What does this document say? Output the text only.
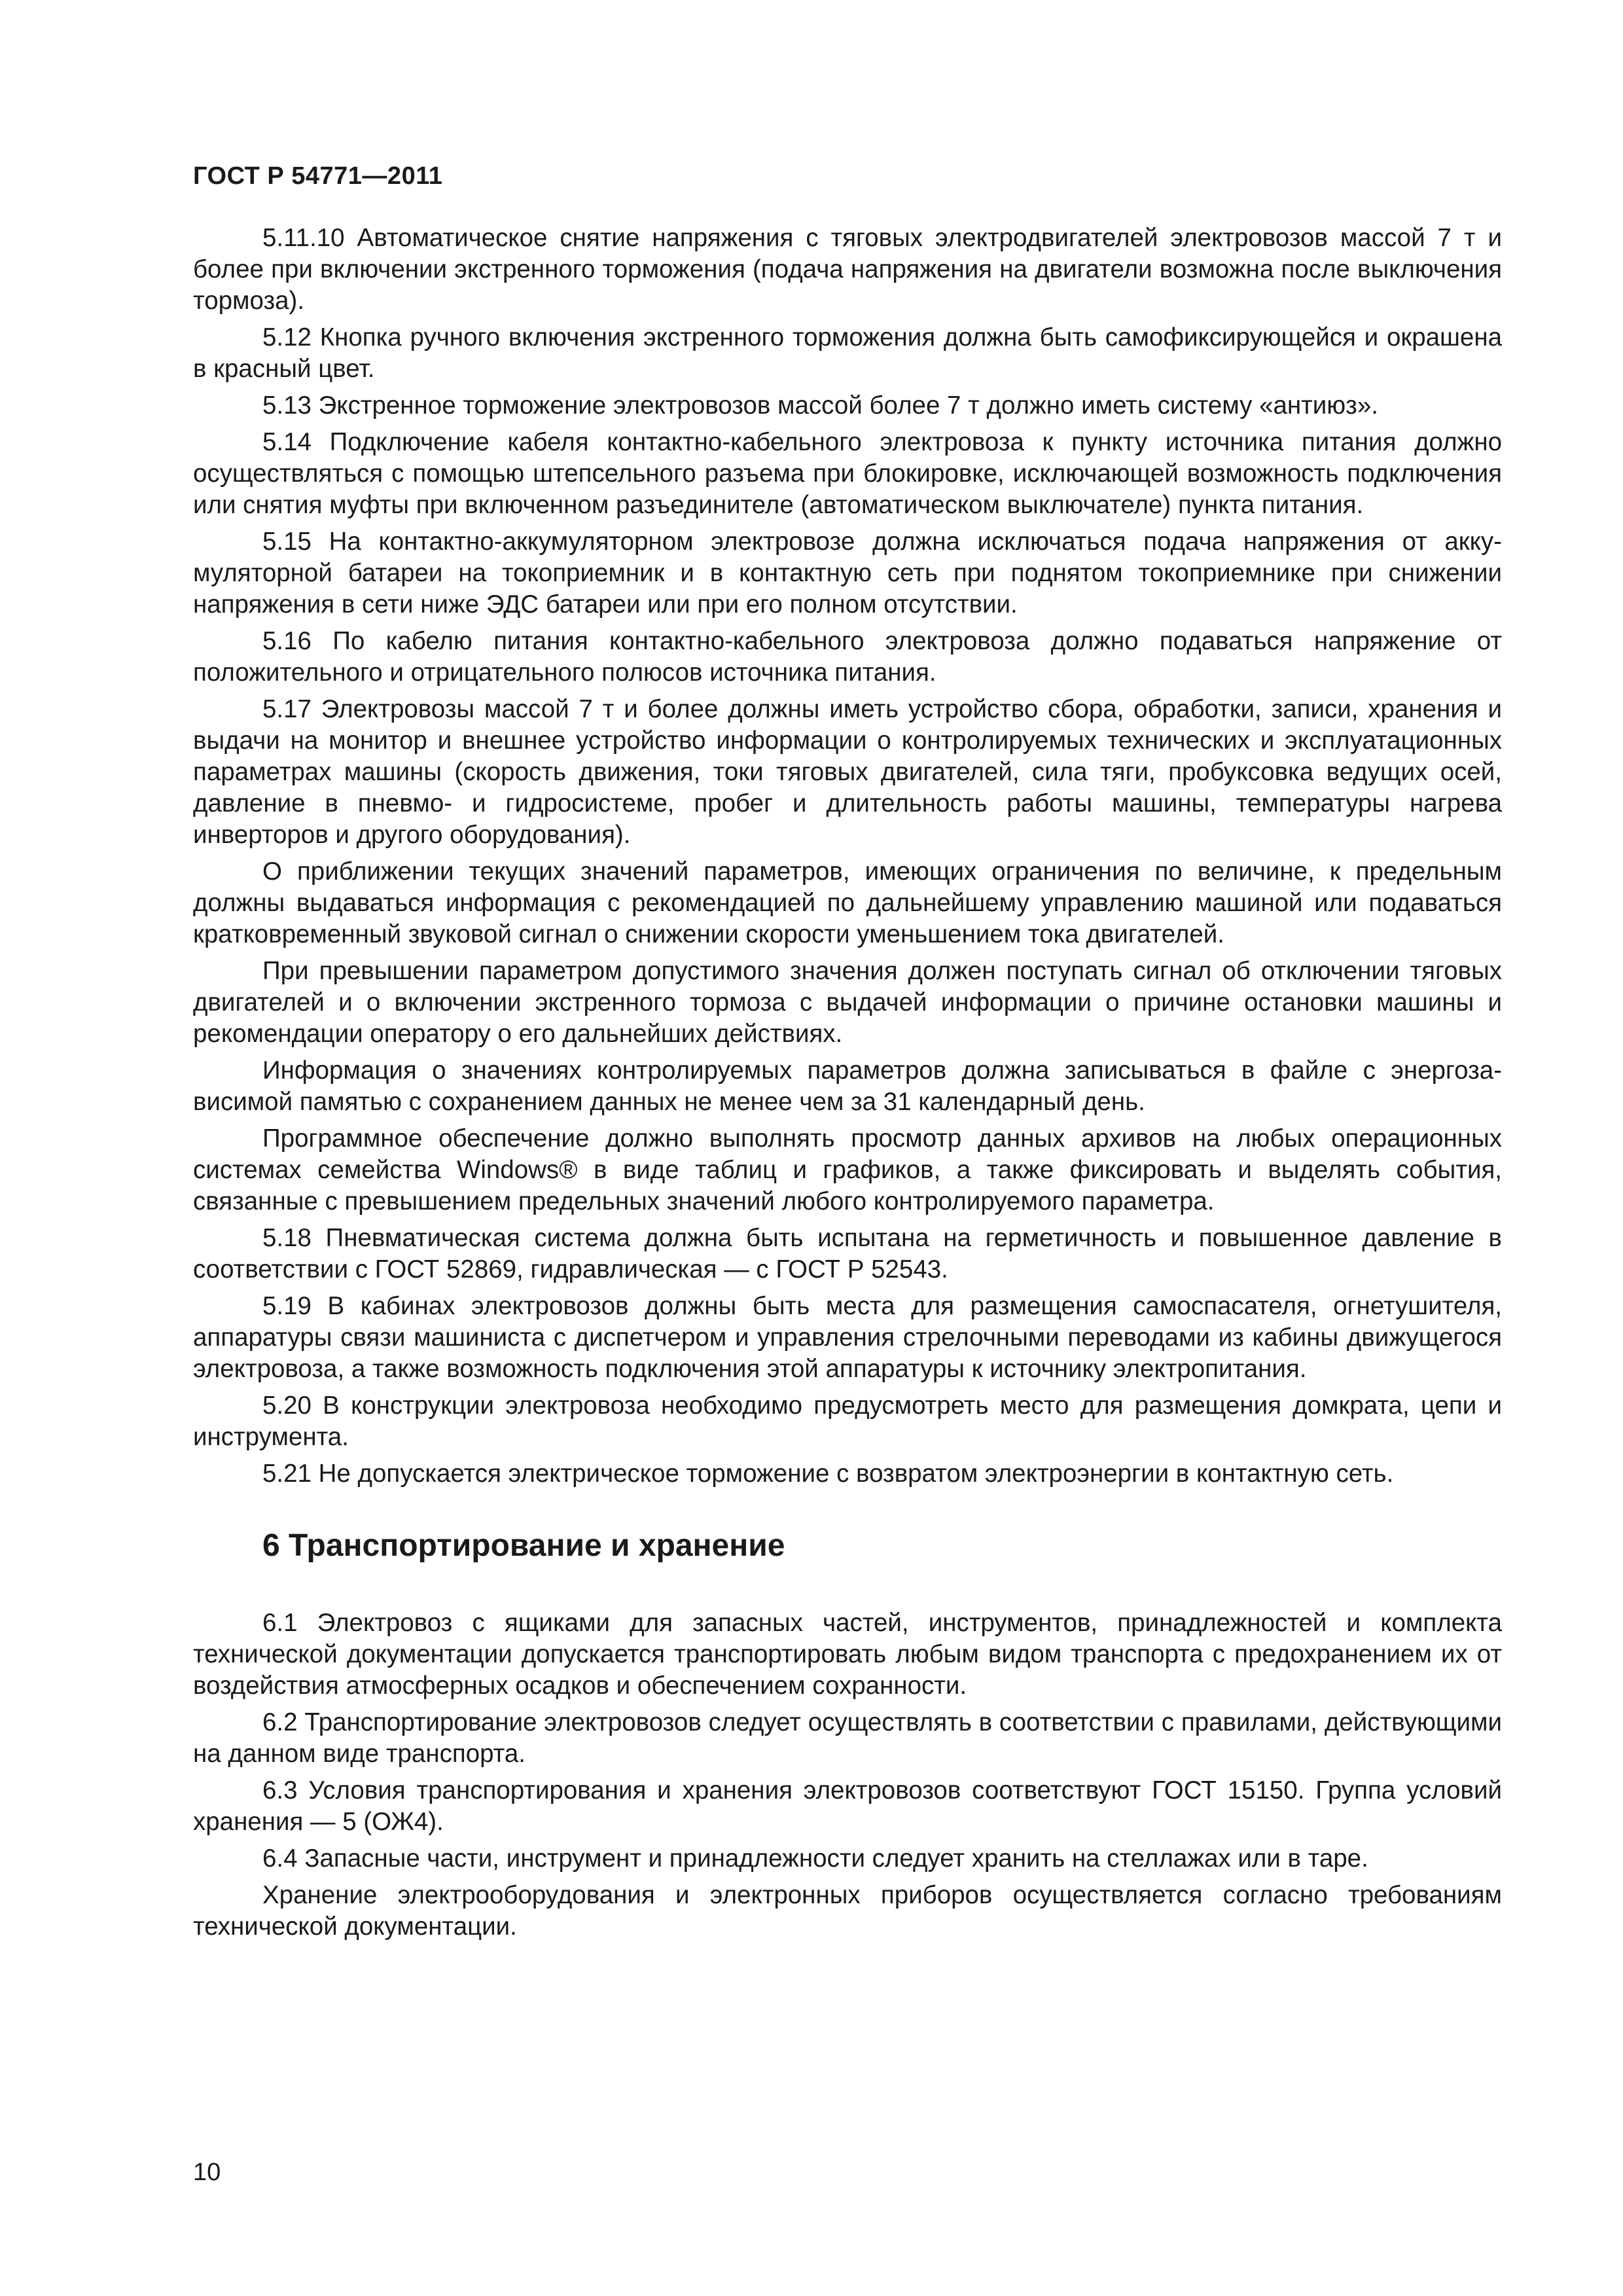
ГОСТ Р 54771—2011

5.11.10 Автоматическое снятие напряжения с тяговых электродвигателей электровозов массой 7 т и более при включении экстренного торможения (подача напряжения на двигатели возможна после выключения тормоза).

5.12 Кнопка ручного включения экстренного торможения должна быть самофиксирующейся и окрашена в красный цвет.

5.13 Экстренное торможение электровозов массой более 7 т должно иметь систему «антиюз».

5.14 Подключение кабеля контактно-кабельного электровоза к пункту источника питания должно осуществляться с помощью штепсельного разъема при блокировке, исключающей возможность подключения или снятия муфты при включенном разъединителе (автоматическом выключателе) пункта питания.

5.15 На контактно-аккумуляторном электровозе должна исключаться подача напряжения от аккумуляторной батареи на токоприемник и в контактную сеть при поднятом токоприемнике при снижении напряжения в сети ниже ЭДС батареи или при его полном отсутствии.

5.16 По кабелю питания контактно-кабельного электровоза должно подаваться напряжение от положительного и отрицательного полюсов источника питания.

5.17 Электровозы массой 7 т и более должны иметь устройство сбора, обработки, записи, хранения и выдачи на монитор и внешнее устройство информации о контролируемых технических и эксплуатационных параметрах машины (скорость движения, токи тяговых двигателей, сила тяги, пробуксовка ведущих осей, давление в пневмо- и гидросистеме, пробег и длительность работы машины, температуры нагрева инверторов и другого оборудования).

О приближении текущих значений параметров, имеющих ограничения по величине, к предельным должны выдаваться информация с рекомендацией по дальнейшему управлению машиной или подаваться кратковременный звуковой сигнал о снижении скорости уменьшением тока двигателей.

При превышении параметром допустимого значения должен поступать сигнал об отключении тяговых двигателей и о включении экстренного тормоза с выдачей информации о причине остановки машины и рекомендации оператору о его дальнейших действиях.

Информация о значениях контролируемых параметров должна записываться в файле с энергозависимой памятью с сохранением данных не менее чем за 31 календарный день.

Программное обеспечение должно выполнять просмотр данных архивов на любых операционных системах семейства Windows® в виде таблиц и графиков, а также фиксировать и выделять события, связанные с превышением предельных значений любого контролируемого параметра.

5.18 Пневматическая система должна быть испытана на герметичность и повышенное давление в соответствии с ГОСТ 52869, гидравлическая — с ГОСТ Р 52543.

5.19 В кабинах электровозов должны быть места для размещения самоспасателя, огнетушителя, аппаратуры связи машиниста с диспетчером и управления стрелочными переводами из кабины движущегося электровоза, а также возможность подключения этой аппаратуры к источнику электропитания.

5.20 В конструкции электровоза необходимо предусмотреть место для размещения домкрата, цепи и инструмента.

5.21 Не допускается электрическое торможение с возвратом электроэнергии в контактную сеть.

6 Транспортирование и хранение

6.1 Электровоз с ящиками для запасных частей, инструментов, принадлежностей и комплекта технической документации допускается транспортировать любым видом транспорта с предохранением их от воздействия атмосферных осадков и обеспечением сохранности.

6.2 Транспортирование электровозов следует осуществлять в соответствии с правилами, действующими на данном виде транспорта.

6.3 Условия транспортирования и хранения электровозов соответствуют ГОСТ 15150. Группа условий хранения — 5 (ОЖ4).

6.4 Запасные части, инструмент и принадлежности следует хранить на стеллажах или в таре.

Хранение электрооборудования и электронных приборов осуществляется согласно требованиям технической документации.

10
